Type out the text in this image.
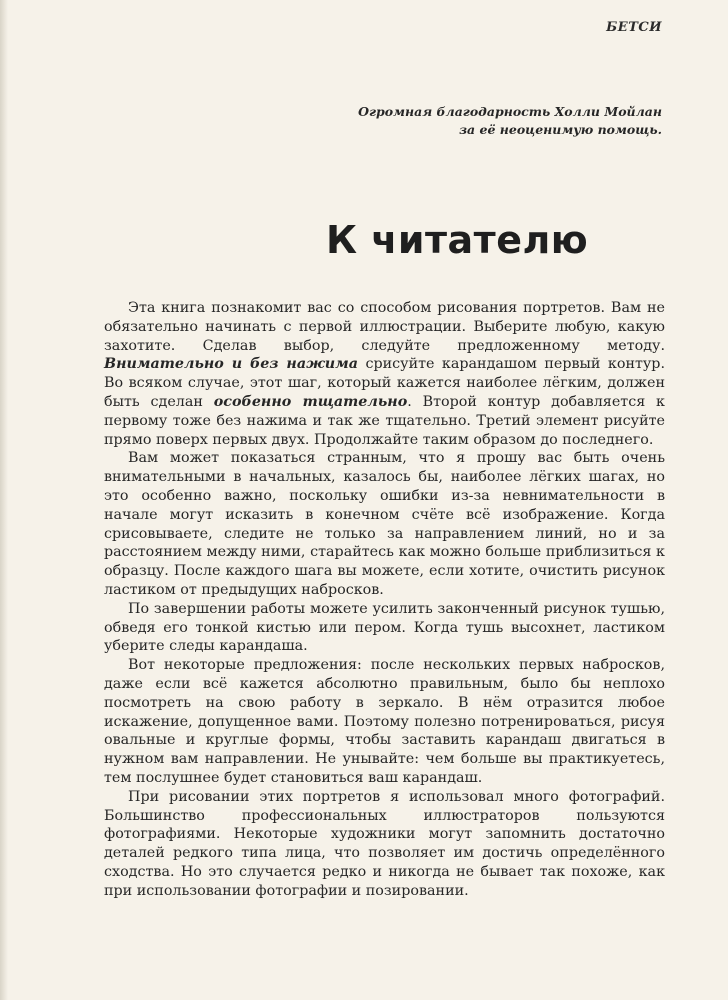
БЕТСИ
Огромная благодарность Холли Мойлан
за её неоценимую помощь.
К читателю

Эта книга познакомит вас со способом рисования портретов. Вам не обязательно начинать с первой иллюстрации. Выберите любую, какую захотите. Сделав выбор, следуйте предложенному методу. Внимательно и без нажима срисуйте карандашом первый контур. Во всяком случае, этот шаг, который кажется наиболее лёгким, должен быть сделан особенно тщательно. Второй контур добавляется к первому тоже без нажима и так же тщательно. Третий элемент рисуйте прямо поверх первых двух. Продолжайте таким образом до последнего.

Вам может показаться странным, что я прошу вас быть очень внимательными в начальных, казалось бы, наиболее лёгких шагах, но это особенно важно, поскольку ошибки из-за невнимательности в начале могут исказить в конечном счёте всё изображение. Когда срисовываете, следите не только за направлением линий, но и за расстоянием между ними, старайтесь как можно больше приблизиться к образцу. После каждого шага вы можете, если хотите, очистить рисунок ластиком от предыдущих набросков.

По завершении работы можете усилить законченный рисунок тушью, обведя его тонкой кистью или пером. Когда тушь высохнет, ластиком уберите следы карандаша.

Вот некоторые предложения: после нескольких первых набросков, даже если всё кажется абсолютно правильным, было бы неплохо посмотреть на свою работу в зеркало. В нём отразится любое искажение, допущенное вами. Поэтому полезно потренироваться, рисуя овальные и круглые формы, чтобы заставить карандаш двигаться в нужном вам направлении. Не унывайте: чем больше вы практикуетесь, тем послушнее будет становиться ваш карандаш.

При рисовании этих портретов я использовал много фотографий. Большинство профессиональных иллюстраторов пользуются фотографиями. Некоторые художники могут запомнить достаточно деталей редкого типа лица, что позволяет им достичь определённого сходства. Но это случается редко и никогда не бывает так похоже, как при использовании фотографии и позировании.
